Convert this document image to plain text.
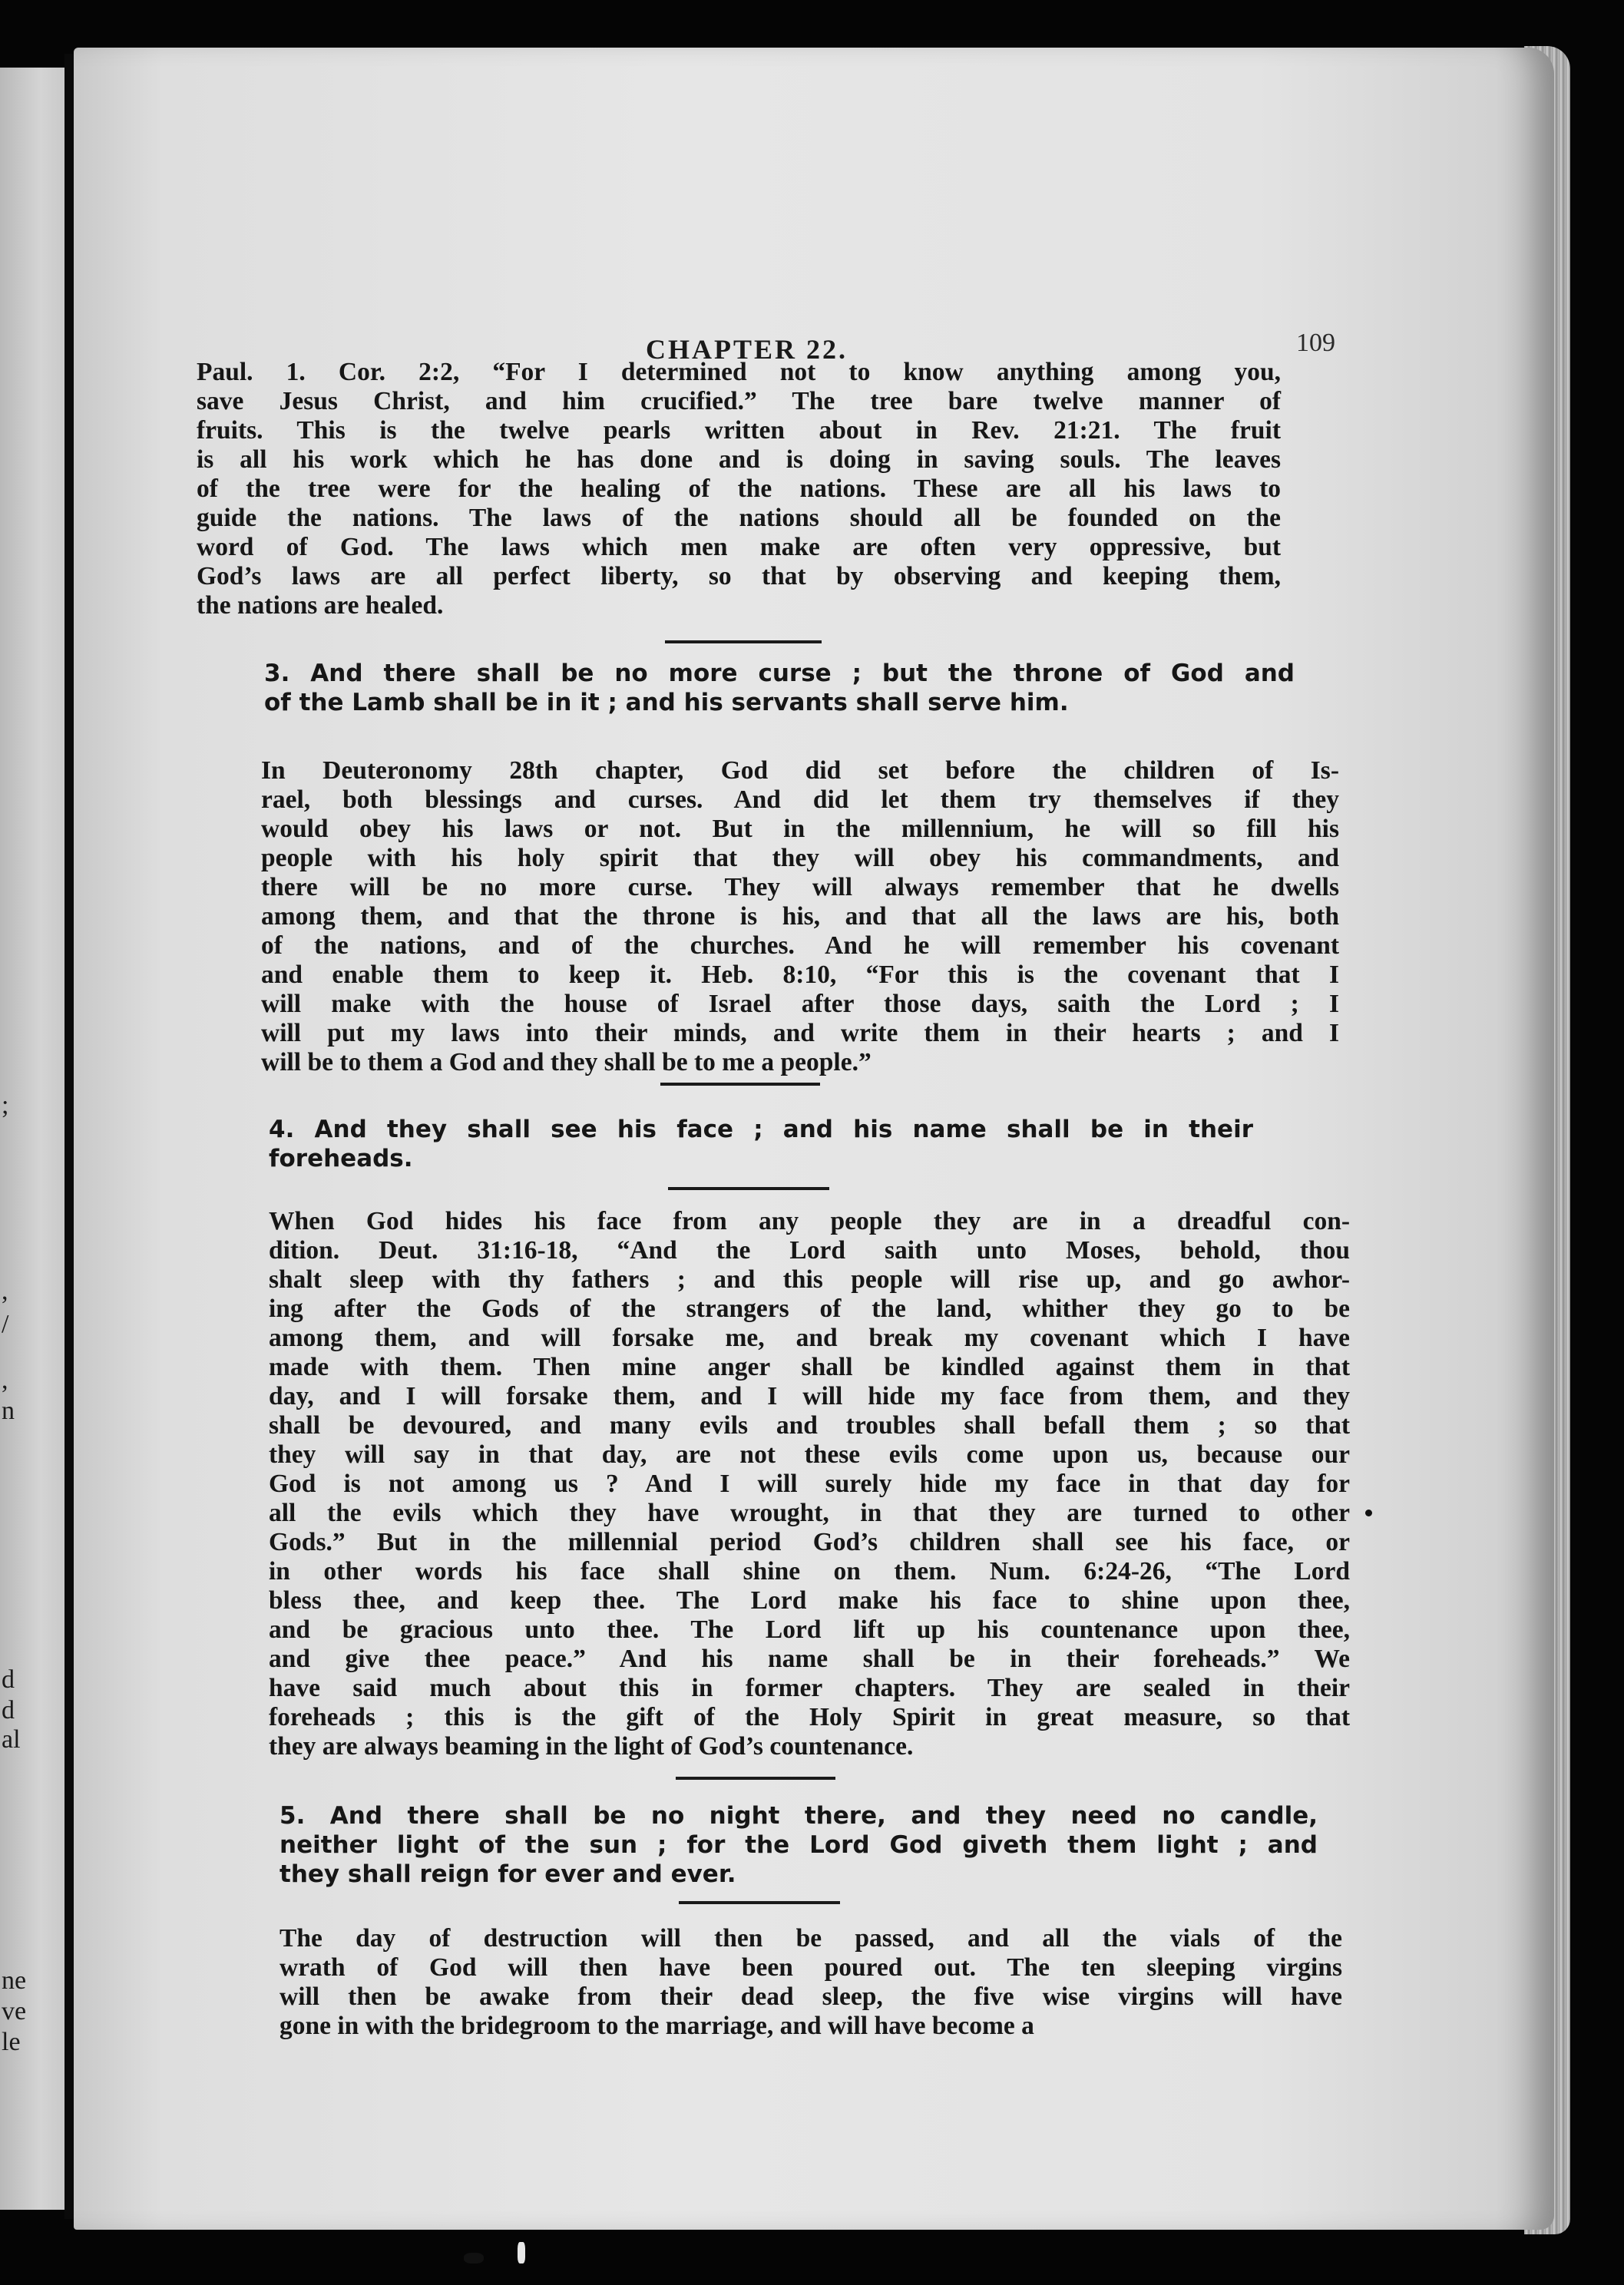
;
,
/
,
n
d
d
al
ne
ve
le
CHAPTER 22.	109
Paul. 1. Cor. 2:2, “For I determined not to know anything among you,
save Jesus Christ, and him crucified.” The tree bare twelve manner of
fruits. This is the twelve pearls written about in Rev. 21:21. The fruit
is all his work which he has done and is doing in saving souls. The leaves
of the tree were for the healing of the nations. These are all his laws to
guide the nations. The laws of the nations should all be founded on the
word of God. The laws which men make are often very oppressive, but
God’s laws are all perfect liberty, so that by observing and keeping them,
the nations are healed.
3. And there shall be no more curse ; but the throne of God and
of the Lamb shall be in it ; and his servants shall serve him.
In Deuteronomy 28th chapter, God did set before the children of Is-
rael, both blessings and curses. And did let them try themselves if they
would obey his laws or not. But in the millennium, he will so fill his
people with his holy spirit that they will obey his commandments, and
there will be no more curse. They will always remember that he dwells
among them, and that the throne is his, and that all the laws are his, both
of the nations, and of the churches. And he will remember his covenant
and enable them to keep it. Heb. 8:10, “For this is the covenant that I
will make with the house of Israel after those days, saith the Lord ; I
will put my laws into their minds, and write them in their hearts ; and I
will be to them a God and they shall be to me a people.”
4. And they shall see his face ; and his name shall be in their
foreheads.
When God hides his face from any people they are in a dreadful con-
dition. Deut. 31:16-18, “And the Lord saith unto Moses, behold, thou
shalt sleep with thy fathers ; and this people will rise up, and go awhor-
ing after the Gods of the strangers of the land, whither they go to be
among them, and will forsake me, and break my covenant which I have
made with them. Then mine anger shall be kindled against them in that
day, and I will forsake them, and I will hide my face from them, and they
shall be devoured, and many evils and troubles shall befall them ; so that
they will say in that day, are not these evils come upon us, because our
God is not among us ? And I will surely hide my face in that day for
all the evils which they have wrought, in that they are turned to other
Gods.” But in the millennial period God’s children shall see his face, or
in other words his face shall shine on them. Num. 6:24-26, “The Lord
bless thee, and keep thee. The Lord make his face to shine upon thee,
and be gracious unto thee. The Lord lift up his countenance upon thee,
and give thee peace.” And his name shall be in their foreheads.” We
have said much about this in former chapters. They are sealed in their
foreheads ; this is the gift of the Holy Spirit in great measure, so that
they are always beaming in the light of God’s countenance.
5. And there shall be no night there, and they need no candle,
neither light of the sun ; for the Lord God giveth them light ; and
they shall reign for ever and ever.
The day of destruction will then be passed, and all the vials of the
wrath of God will then have been poured out. The ten sleeping virgins
will then be awake from their dead sleep, the five wise virgins will have
gone in with the bridegroom to the marriage, and will have become a
